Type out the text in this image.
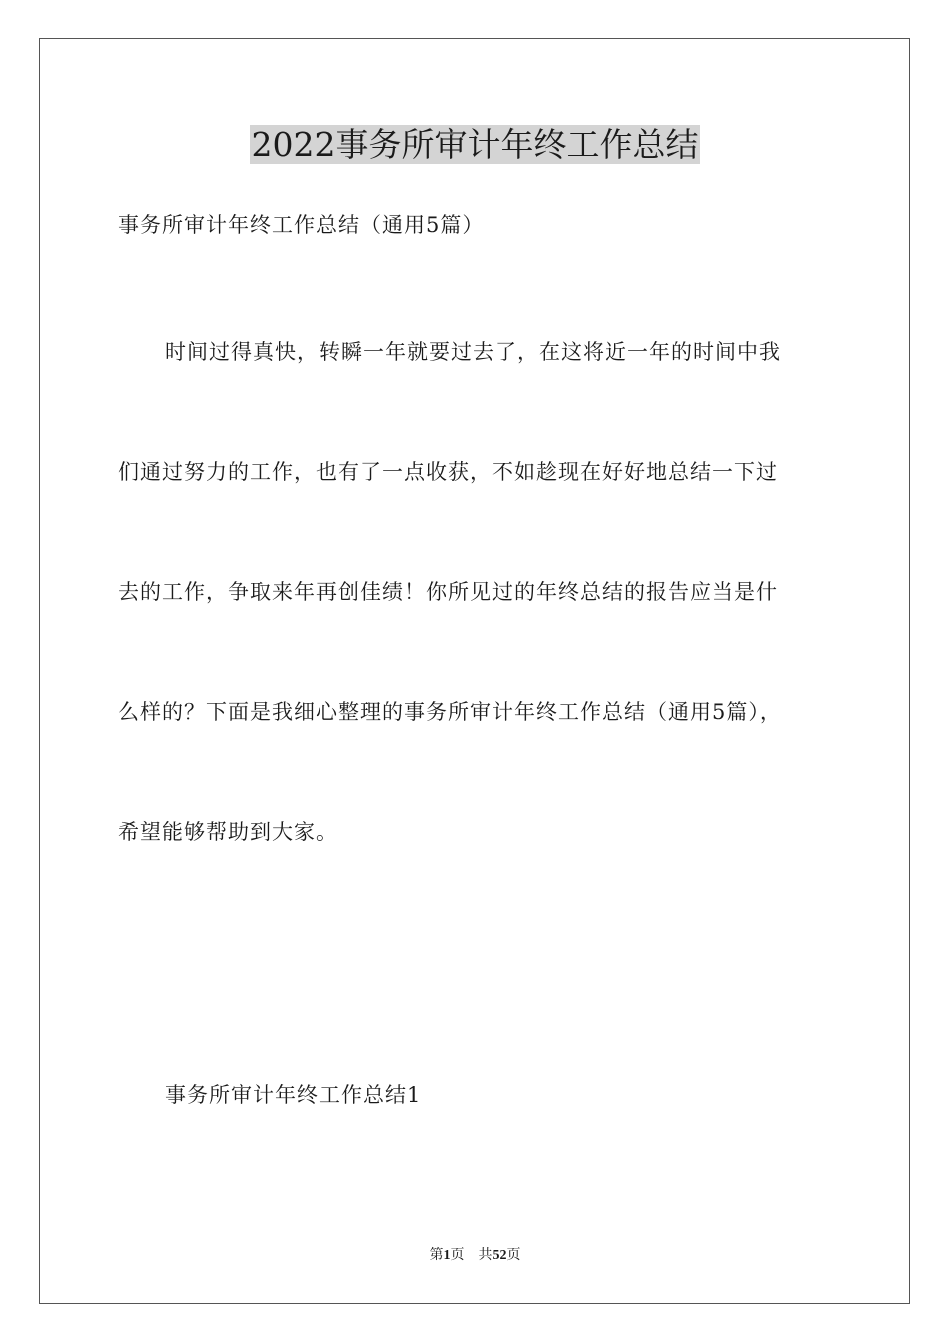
2022事务所审计年终工作总结

事务所审计年终工作总结（通用5篇）

时间过得真快，转瞬一年就要过去了，在这将近一年的时间中我

们通过努力的工作，也有了一点收获，不如趁现在好好地总结一下过

去的工作，争取来年再创佳绩！你所见过的年终总结的报告应当是什

么样的？下面是我细心整理的事务所审计年终工作总结（通用5篇），

希望能够帮助到大家。

事务所审计年终工作总结1

第1页　共52页
